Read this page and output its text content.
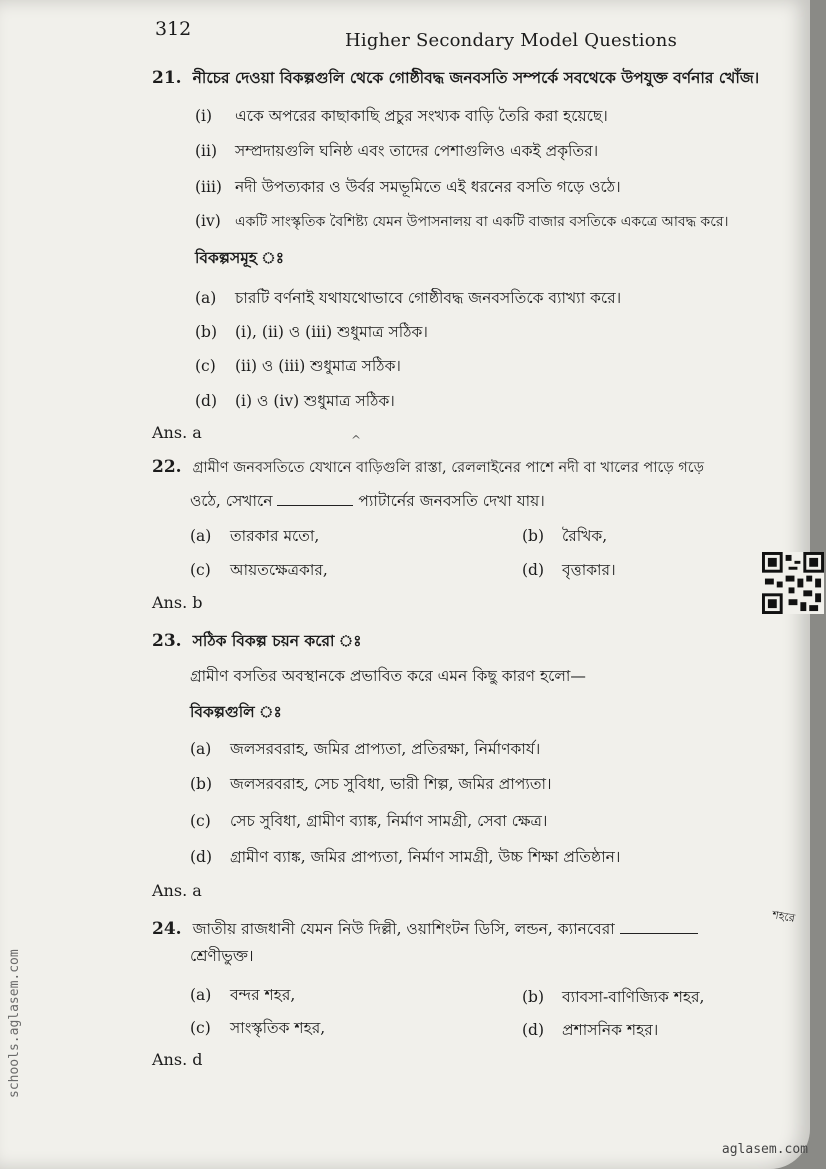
312
Higher Secondary Model Questions
21. নীচের দেওয়া বিকল্পগুলি থেকে গোষ্ঠীবদ্ধ জনবসতি সম্পর্কে সবথেকে উপযুক্ত বর্ণনার খোঁজ।
(i) একে অপরের কাছাকাছি প্রচুর সংখ্যক বাড়ি তৈরি করা হয়েছে।
(ii) সম্প্রদায়গুলি ঘনিষ্ঠ এবং তাদের পেশাগুলিও একই প্রকৃতির।
(iii) নদী উপত্যকার ও উর্বর সমভূমিতে এই ধরনের বসতি গড়ে ওঠে।
(iv) একটি সাংস্কৃতিক বৈশিষ্ট্য যেমন উপাসনালয় বা একটি বাজার বসতিকে একত্রে আবদ্ধ করে।
বিকল্পসমূহ ঃ
(a) চারটি বর্ণনাই যথাযথোভাবে গোষ্ঠীবদ্ধ জনবসতিকে ব্যাখ্যা করে।
(b) (i), (ii) ও (iii) শুধুমাত্র সঠিক।
(c) (ii) ও (iii) শুধুমাত্র সঠিক।
(d) (i) ও (iv) শুধুমাত্র সঠিক।
Ans. a	^
22. গ্রামীণ জনবসতিতে যেখানে বাড়িগুলি রাস্তা, রেললাইনের পাশে নদী বা খালের পাড়ে গড়ে
ওঠে, সেখানে	প্যাটার্নের জনবসতি দেখা যায়।
(a) তারকার মতো,	(b) রৈখিক,
(c) আয়তক্ষেত্রকার,	(d) বৃত্তাকার।
Ans. b
23. সঠিক বিকল্প চয়ন করো ঃ
গ্রামীণ বসতির অবস্থানকে প্রভাবিত করে এমন কিছু কারণ হলো—
বিকল্পগুলি ঃ
(a) জলসরবরাহ, জমির প্রাপ্যতা, প্রতিরক্ষা, নির্মাণকার্য।
(b) জলসরবরাহ, সেচ সুবিধা, ভারী শিল্প, জমির প্রাপ্যতা।
(c) সেচ সুবিধা, গ্রামীণ ব্যাঙ্ক, নির্মাণ সামগ্রী, সেবা ক্ষেত্র।
(d) গ্রামীণ ব্যাঙ্ক, জমির প্রাপ্যতা, নির্মাণ সামগ্রী, উচ্চ শিক্ষা প্রতিষ্ঠান।
Ans. a
24. জাতীয় রাজধানী যেমন নিউ দিল্লী, ওয়াশিংটন ডিসি, লন্ডন, ক্যানবেরা
শহরে
শ্রেণীভুক্ত।
(a) বন্দর শহর,	(b) ব্যাবসা-বাণিজ্যিক শহর,
(c) সাংস্কৃতিক শহর,	(d) প্রশাসনিক শহর।
Ans. d
schools.aglasem.com
aglasem.com
